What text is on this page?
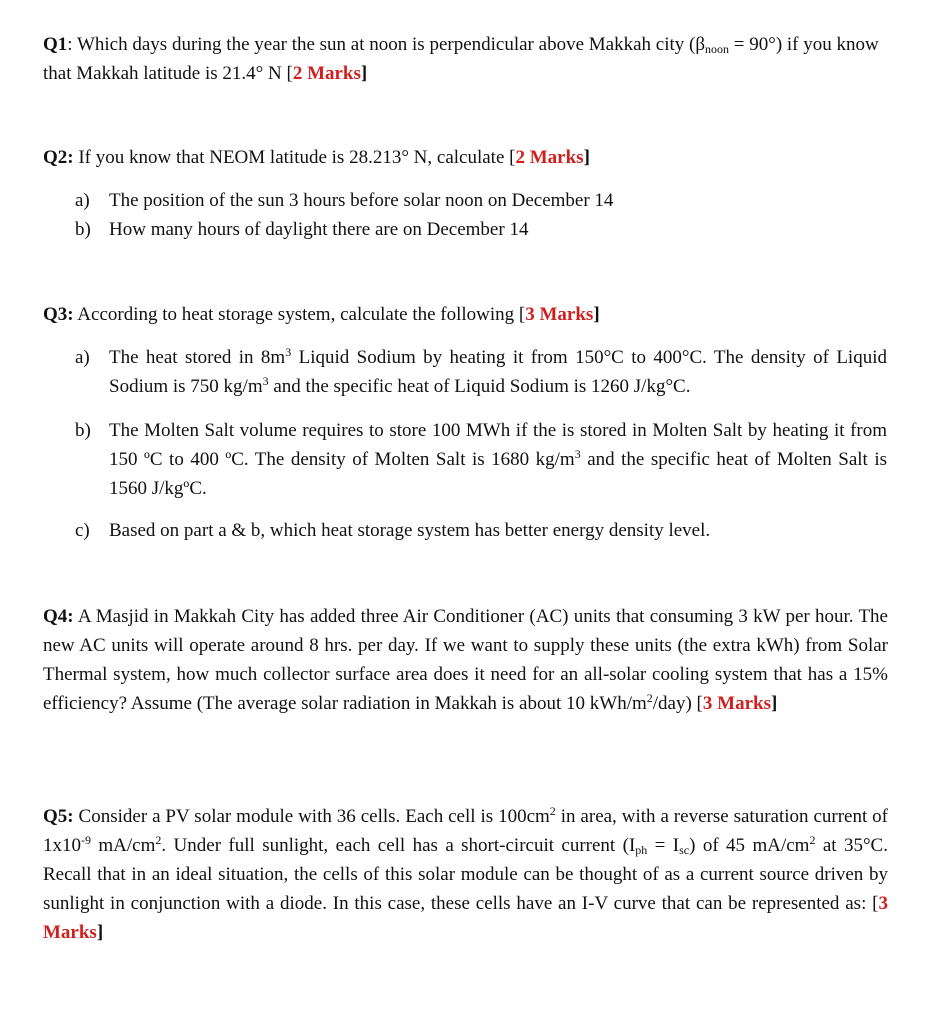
Q1: Which days during the year the sun at noon is perpendicular above Makkah city $(\beta_{noon} = 90^\circ)$ if you know that Makkah latitude is 21.4° N [2 Marks]

Q2: If you know that NEOM latitude is 28.213° N, calculate [2 Marks]

a) The position of the sun 3 hours before solar noon on December 14
b) How many hours of daylight there are on December 14

Q3: According to heat storage system, calculate the following [3 Marks]

a) The heat stored in $8m^3$ Liquid Sodium by heating it from 150°C to 400°C. The density of Liquid Sodium is 750 $kg/m^3$ and the specific heat of Liquid Sodium is 1260 J/kg°C.
b) The Molten Salt volume requires to store 100 MWh if the is stored in Molten Salt by heating it from 150 ºC to 400 ºC. The density of Molten Salt is 1680 $kg/m^3$ and the specific heat of Molten Salt is 1560 J/kgºC.
c) Based on part a & b, which heat storage system has better energy density level.

Q4: A Masjid in Makkah City has added three Air Conditioner (AC) units that consuming 3 kW per hour. The new AC units will operate around 8 hrs. per day. If we want to supply these units (the extra kWh) from Solar Thermal system, how much collector surface area does it need for an all-solar cooling system that has a 15% efficiency? Assume (The average solar radiation in Makkah is about 10 kWh/$m^2/day$) [3 Marks]

Q5: Consider a PV solar module with 36 cells. Each cell is $100cm^2$ in area, with a reverse saturation current of $1x10^{-9}$ $mA/cm^2$. Under full sunlight, each cell has a short-circuit current $(I_{ph} = I_{sc})$ of 45 $mA/cm^2$ at 35°C. Recall that in an ideal situation, the cells of this solar module can be thought of as a current source driven by sunlight in conjunction with a diode. In this case, these cells have an I-V curve that can be represented as: [3 Marks]
